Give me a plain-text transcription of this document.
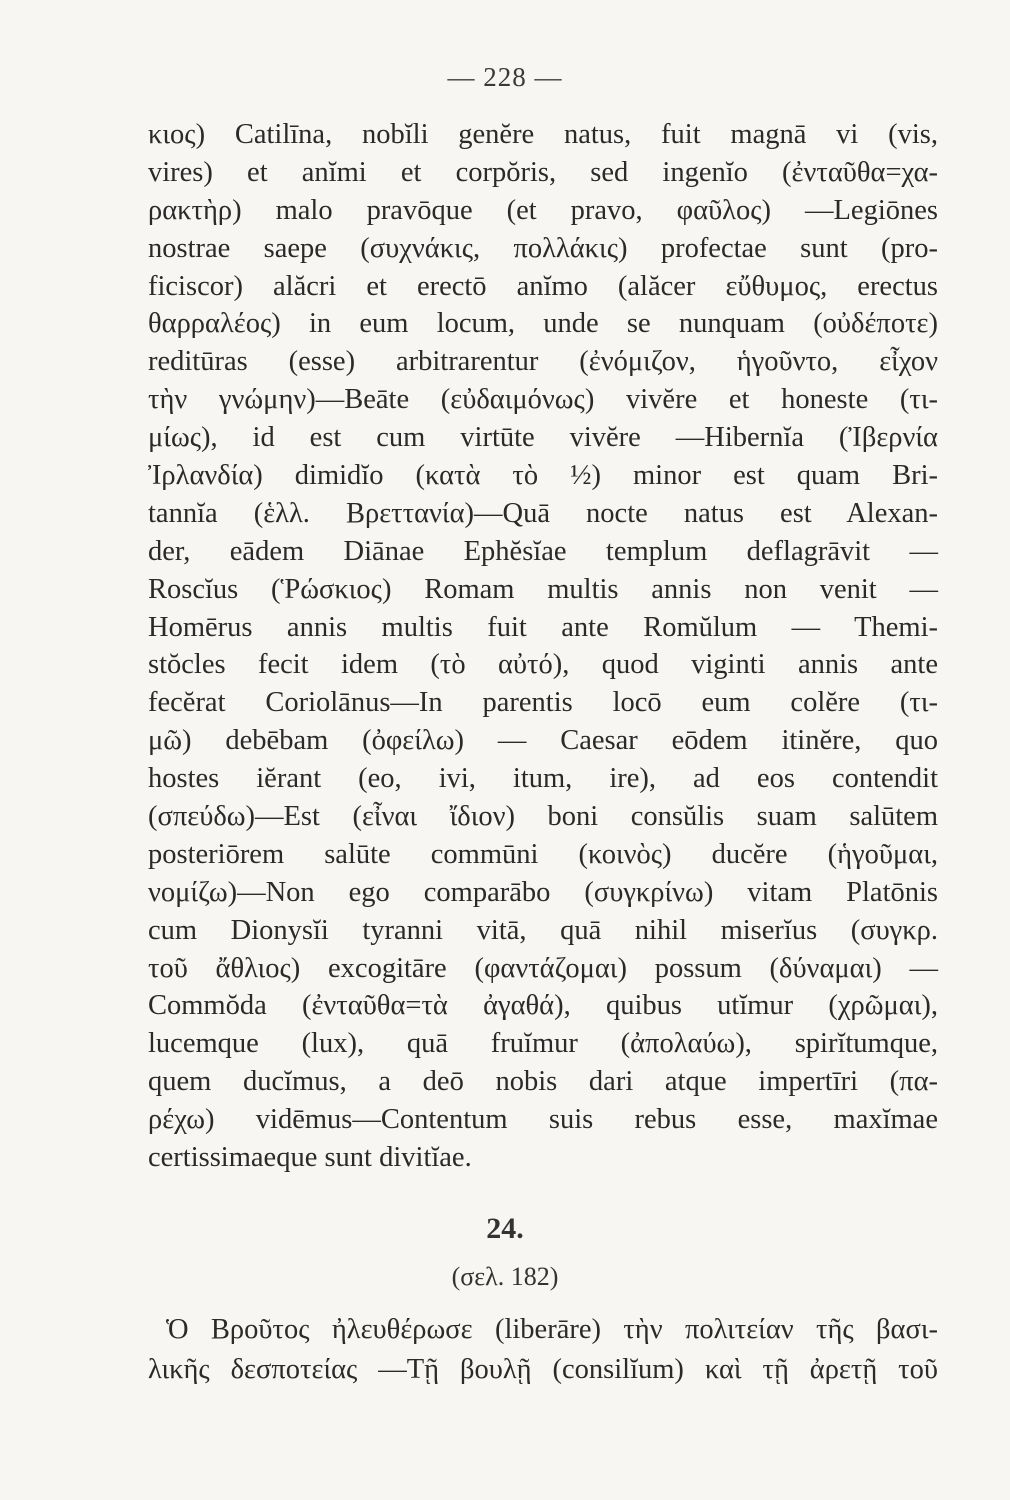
— 228 —
κιος) Catilīna, nobĭli genĕre natus, fuit magnā vi (vis,
vires) et anĭmi et corpŏris, sed ingenĭo (ἐνταῦθα=χα-
ρακτὴρ) malo pravōque (et pravo, φαῦλος) —Legiōnes
nostrae saepe (συχνάκις, πολλάκις) profectae sunt (pro-
ficiscor) alăcri et erectō anĭmo (alăcer εὔθυμος, erectus
θαρραλέος) in eum locum, unde se nunquam (οὐδέποτε)
reditūras (esse) arbitrarentur (ἐνόμιζον, ἡγοῦντο, εἶχον
τὴν γνώμην)—Beāte (εὐδαιμόνως) vivĕre et honeste (τι-
μίως), id est cum virtūte vivĕre —Hibernĭa (Ἰβερνία
Ἰρλανδία) dimidĭo (κατὰ τὸ ½) minor est quam Bri-
tannĭa (ἑλλ. Βρεττανία)—Quā nocte natus est Alexan-
der, eādem Diānae Ephĕsĭae templum deflagrāvit —
Roscĭus (Ῥώσκιος) Romam multis annis non venit —
Homērus annis multis fuit ante Romŭlum — Themi-
stŏcles fecit idem (τὸ αὐτό), quod viginti annis ante
fecĕrat Coriolānus—In parentis locō eum colĕre (τι-
μῶ) debēbam (ὀφείλω) — Caesar eōdem itinĕre, quo
hostes iĕrant (eo, ivi, itum, ire), ad eos contendit
(σπεύδω)—Est (εἶναι ἴδιον) boni consŭlis suam salūtem
posteriōrem salūte commūni (κοινὸς) ducĕre (ἡγοῦμαι,
νομίζω)—Non ego comparābo (συγκρίνω) vitam Platōnis
cum Dionysĭi tyranni vitā, quā nihil miserĭus (συγκρ.
τοῦ ἄθλιος) excogitāre (φαντάζομαι) possum (δύναμαι) —
Commŏda (ἐνταῦθα=τὰ ἀγαθά), quibus utĭmur (χρῶμαι),
lucemque (lux), quā fruĭmur (ἀπολαύω), spirĭtumque,
quem ducĭmus, a deō nobis dari atque impertīri (πα-
ρέχω) vidēmus—Contentum suis rebus esse, maxĭmae
certissimaeque sunt divitĭae.
24.
(σελ. 182)
Ὁ Βροῦτος ἠλευθέρωσε (liberāre) τὴν πολιτείαν τῆς βασι-
λικῆς δεσποτείας —Τῇ βουλῇ (consilĭum) καὶ τῇ ἀρετῇ τοῦ
